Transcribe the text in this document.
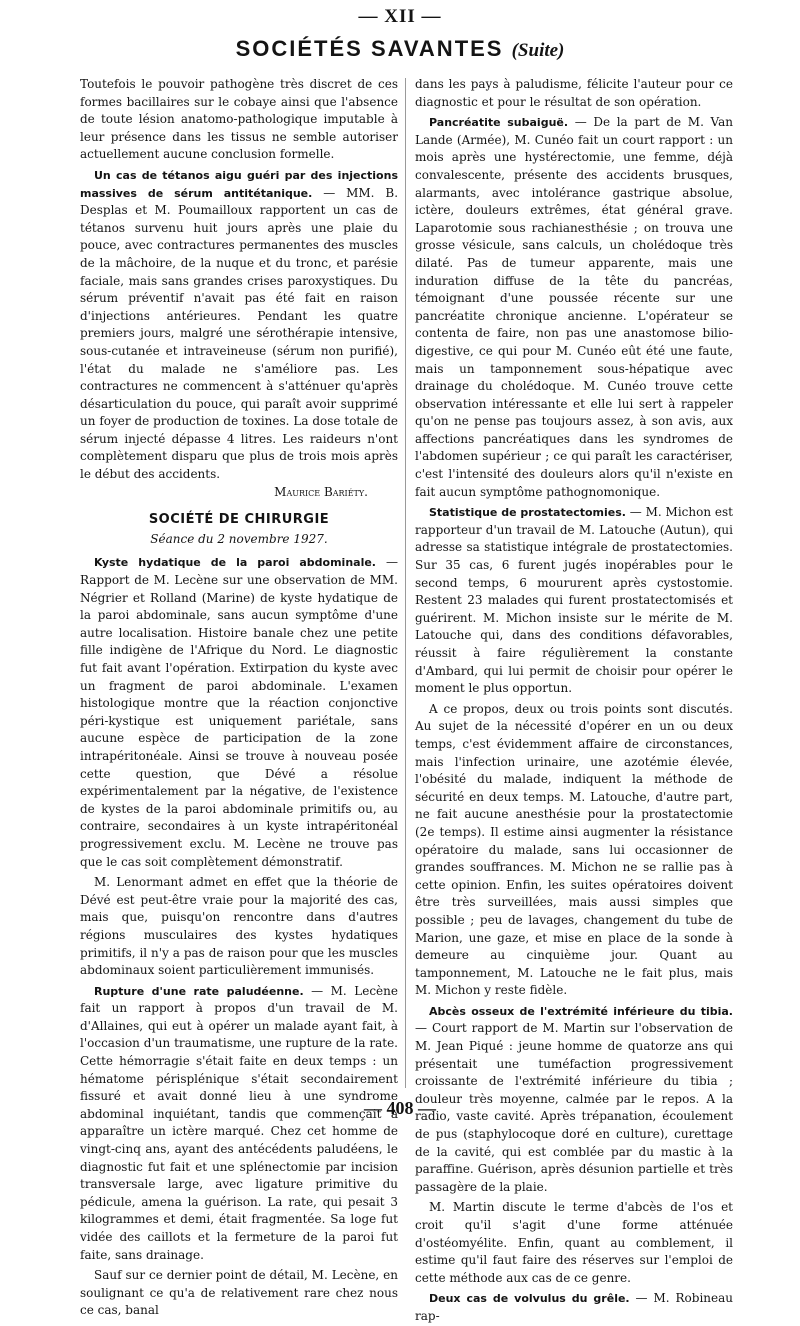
— XII —
SOCIÉTÉS SAVANTES (Suite)

Toutefois le pouvoir pathogène très discret de ces formes bacillaires sur le cobaye ainsi que l'absence de toute lésion anatomo-pathologique imputable à leur présence dans les tissus ne semble autoriser actuellement aucune conclusion formelle.

Un cas de tétanos aigu guéri par des injections massives de sérum antitétanique. — MM. B. Desplas et M. Poumailloux rapportent un cas de tétanos survenu huit jours après une plaie du pouce, avec contractures permanentes des muscles de la mâchoire, de la nuque et du tronc, et parésie faciale, mais sans grandes crises paroxystiques. Du sérum préventif n'avait pas été fait en raison d'injections antérieures. Pendant les quatre premiers jours, malgré une sérothérapie intensive, sous-cutanée et intraveineuse (sérum non purifié), l'état du malade ne s'améliore pas. Les contractures ne commencent à s'atténuer qu'après désarticulation du pouce, qui paraît avoir supprimé un foyer de production de toxines. La dose totale de sérum injecté dépasse 4 litres. Les raideurs n'ont complètement disparu que plus de trois mois après le début des accidents.
Maurice Bariéty.

SOCIÉTÉ DE CHIRURGIE
Séance du 2 novembre 1927.

Kyste hydatique de la paroi abdominale. — Rapport de M. Lecène sur une observation de MM. Négrier et Rolland (Marine) de kyste hydatique de la paroi abdominale, sans aucun symptôme d'une autre localisation. Histoire banale chez une petite fille indigène de l'Afrique du Nord. Le diagnostic fut fait avant l'opération. Extirpation du kyste avec un fragment de paroi abdominale. L'examen histologique montre que la réaction conjonctive péri-kystique est uniquement pariétale, sans aucune espèce de participation de la zone intrapéritonéale. Ainsi se trouve à nouveau posée cette question, que Dévé a résolue expérimentalement par la négative, de l'existence de kystes de la paroi abdominale primitifs ou, au contraire, secondaires à un kyste intrapéritonéal progressivement exclu. M. Lecène ne trouve pas que le cas soit complètement démonstratif.

M. Lenormant admet en effet que la théorie de Dévé est peut-être vraie pour la majorité des cas, mais que, puisqu'on rencontre dans d'autres régions musculaires des kystes hydatiques primitifs, il n'y a pas de raison pour que les muscles abdominaux soient particulièrement immunisés.

Rupture d'une rate paludéenne. — M. Lecène fait un rapport à propos d'un travail de M. d'Allaines, qui eut à opérer un malade ayant fait, à l'occasion d'un traumatisme, une rupture de la rate. Cette hémorragie s'était faite en deux temps : un hématome périsplénique s'était secondairement fissuré et avait donné lieu à une syndrome abdominal inquiétant, tandis que commençait à apparaître un ictère marqué. Chez cet homme de vingt-cinq ans, ayant des antécédents paludéens, le diagnostic fut fait et une splénectomie par incision transversale large, avec ligature primitive du pédicule, amena la guérison. La rate, qui pesait 3 kilogrammes et demi, était fragmentée. Sa loge fut vidée des caillots et la fermeture de la paroi fut faite, sans drainage.

Sauf sur ce dernier point de détail, M. Lecène, en soulignant ce qu'a de relativement rare chez nous ce cas, banal

dans les pays à paludisme, félicite l'auteur pour ce diagnostic et pour le résultat de son opération.

Pancréatite subaiguë. — De la part de M. Van Lande (Armée), M. Cunéo fait un court rapport : un mois après une hystérectomie, une femme, déjà convalescente, présente des accidents brusques, alarmants, avec intolérance gastrique absolue, ictère, douleurs extrêmes, état général grave. Laparotomie sous rachianesthésie ; on trouva une grosse vésicule, sans calculs, un cholédoque très dilaté. Pas de tumeur apparente, mais une induration diffuse de la tête du pancréas, témoignant d'une poussée récente sur une pancréatite chronique ancienne. L'opérateur se contenta de faire, non pas une anastomose bilio-digestive, ce qui pour M. Cunéo eût été une faute, mais un tamponnement sous-hépatique avec drainage du cholédoque. M. Cunéo trouve cette observation intéressante et elle lui sert à rappeler qu'on ne pense pas toujours assez, à son avis, aux affections pancréatiques dans les syndromes de l'abdomen supérieur ; ce qui paraît les caractériser, c'est l'intensité des douleurs alors qu'il n'existe en fait aucun symptôme pathognomonique.

Statistique de prostatectomies. — M. Michon est rapporteur d'un travail de M. Latouche (Autun), qui adresse sa statistique intégrale de prostatectomies. Sur 35 cas, 6 furent jugés inopérables pour le second temps, 6 moururent après cystostomie. Restent 23 malades qui furent prostatectomisés et guérirent. M. Michon insiste sur le mérite de M. Latouche qui, dans des conditions défavorables, réussit à faire régulièrement la constante d'Ambard, qui lui permit de choisir pour opérer le moment le plus opportun.

A ce propos, deux ou trois points sont discutés. Au sujet de la nécessité d'opérer en un ou deux temps, c'est évidemment affaire de circonstances, mais l'infection urinaire, une azotémie élevée, l'obésité du malade, indiquent la méthode de sécurité en deux temps. M. Latouche, d'autre part, ne fait aucune anesthésie pour la prostatectomie (2e temps). Il estime ainsi augmenter la résistance opératoire du malade, sans lui occasionner de grandes souffrances. M. Michon ne se rallie pas à cette opinion. Enfin, les suites opératoires doivent être très surveillées, mais aussi simples que possible ; peu de lavages, changement du tube de Marion, une gaze, et mise en place de la sonde à demeure au cinquième jour. Quant au tamponnement, M. Latouche ne le fait plus, mais M. Michon y reste fidèle.

Abcès osseux de l'extrémité inférieure du tibia. — Court rapport de M. Martin sur l'observation de M. Jean Piqué : jeune homme de quatorze ans qui présentait une tuméfaction progressivement croissante de l'extrémité inférieure du tibia ; douleur très moyenne, calmée par le repos. A la radio, vaste cavité. Après trépanation, écoulement de pus (staphylocoque doré en culture), curettage de la cavité, qui est comblée par du mastic à la paraffine. Guérison, après désunion partielle et très passagère de la plaie.

M. Martin discute le terme d'abcès de l'os et croit qu'il s'agit d'une forme atténuée d'ostéomyélite. Enfin, quant au comblement, il estime qu'il faut faire des réserves sur l'emploi de cette méthode aux cas de ce genre.

Deux cas de volvulus du grêle. — M. Robineau rap-

— 408 —
